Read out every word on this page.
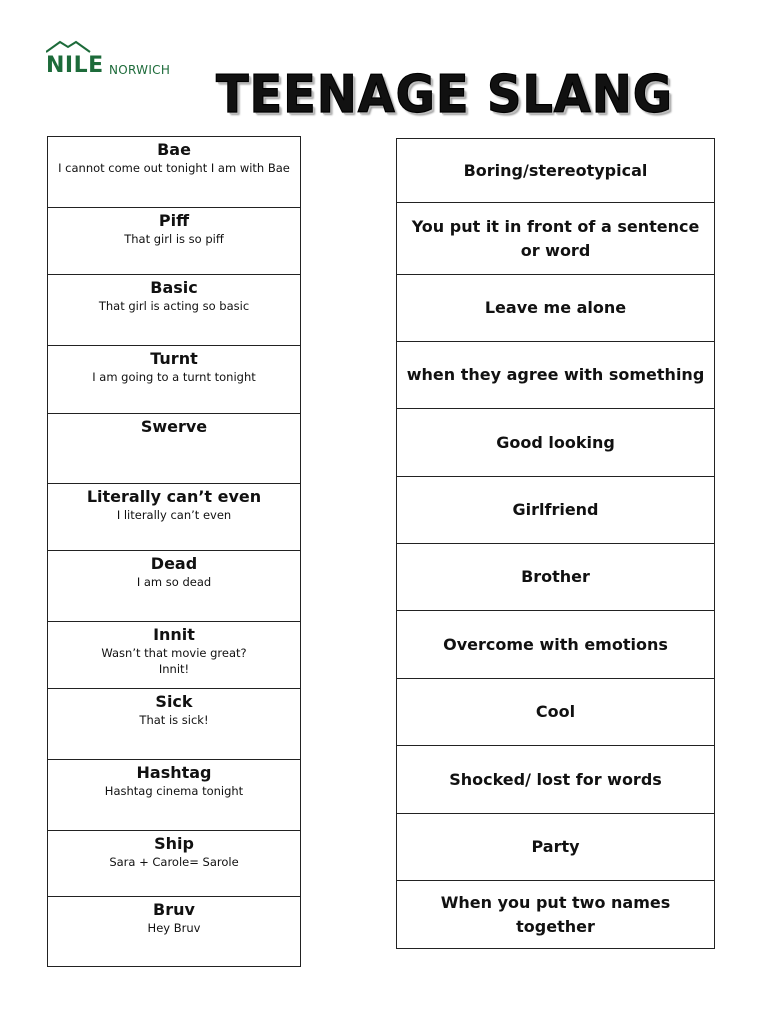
NILE NORWICH TEENAGE SLANG
Bae
I cannot come out tonight I am with Bae
Piff
That girl is so piff
Basic
That girl is acting so basic
Turnt
I am going to a turnt tonight
Swerve
Literally can’t even
I literally can’t even
Dead
I am so dead
Innit
Wasn’t that movie great?
Innit!
Sick
That is sick!
Hashtag
Hashtag cinema tonight
Ship
Sara + Carole= Sarole
Bruv
Hey Bruv
Boring/stereotypical
You put it in front of a sentence or word
Leave me alone
when they agree with something
Good looking
Girlfriend
Brother
Overcome with emotions
Cool
Shocked/ lost for words
Party
When you put two names together
